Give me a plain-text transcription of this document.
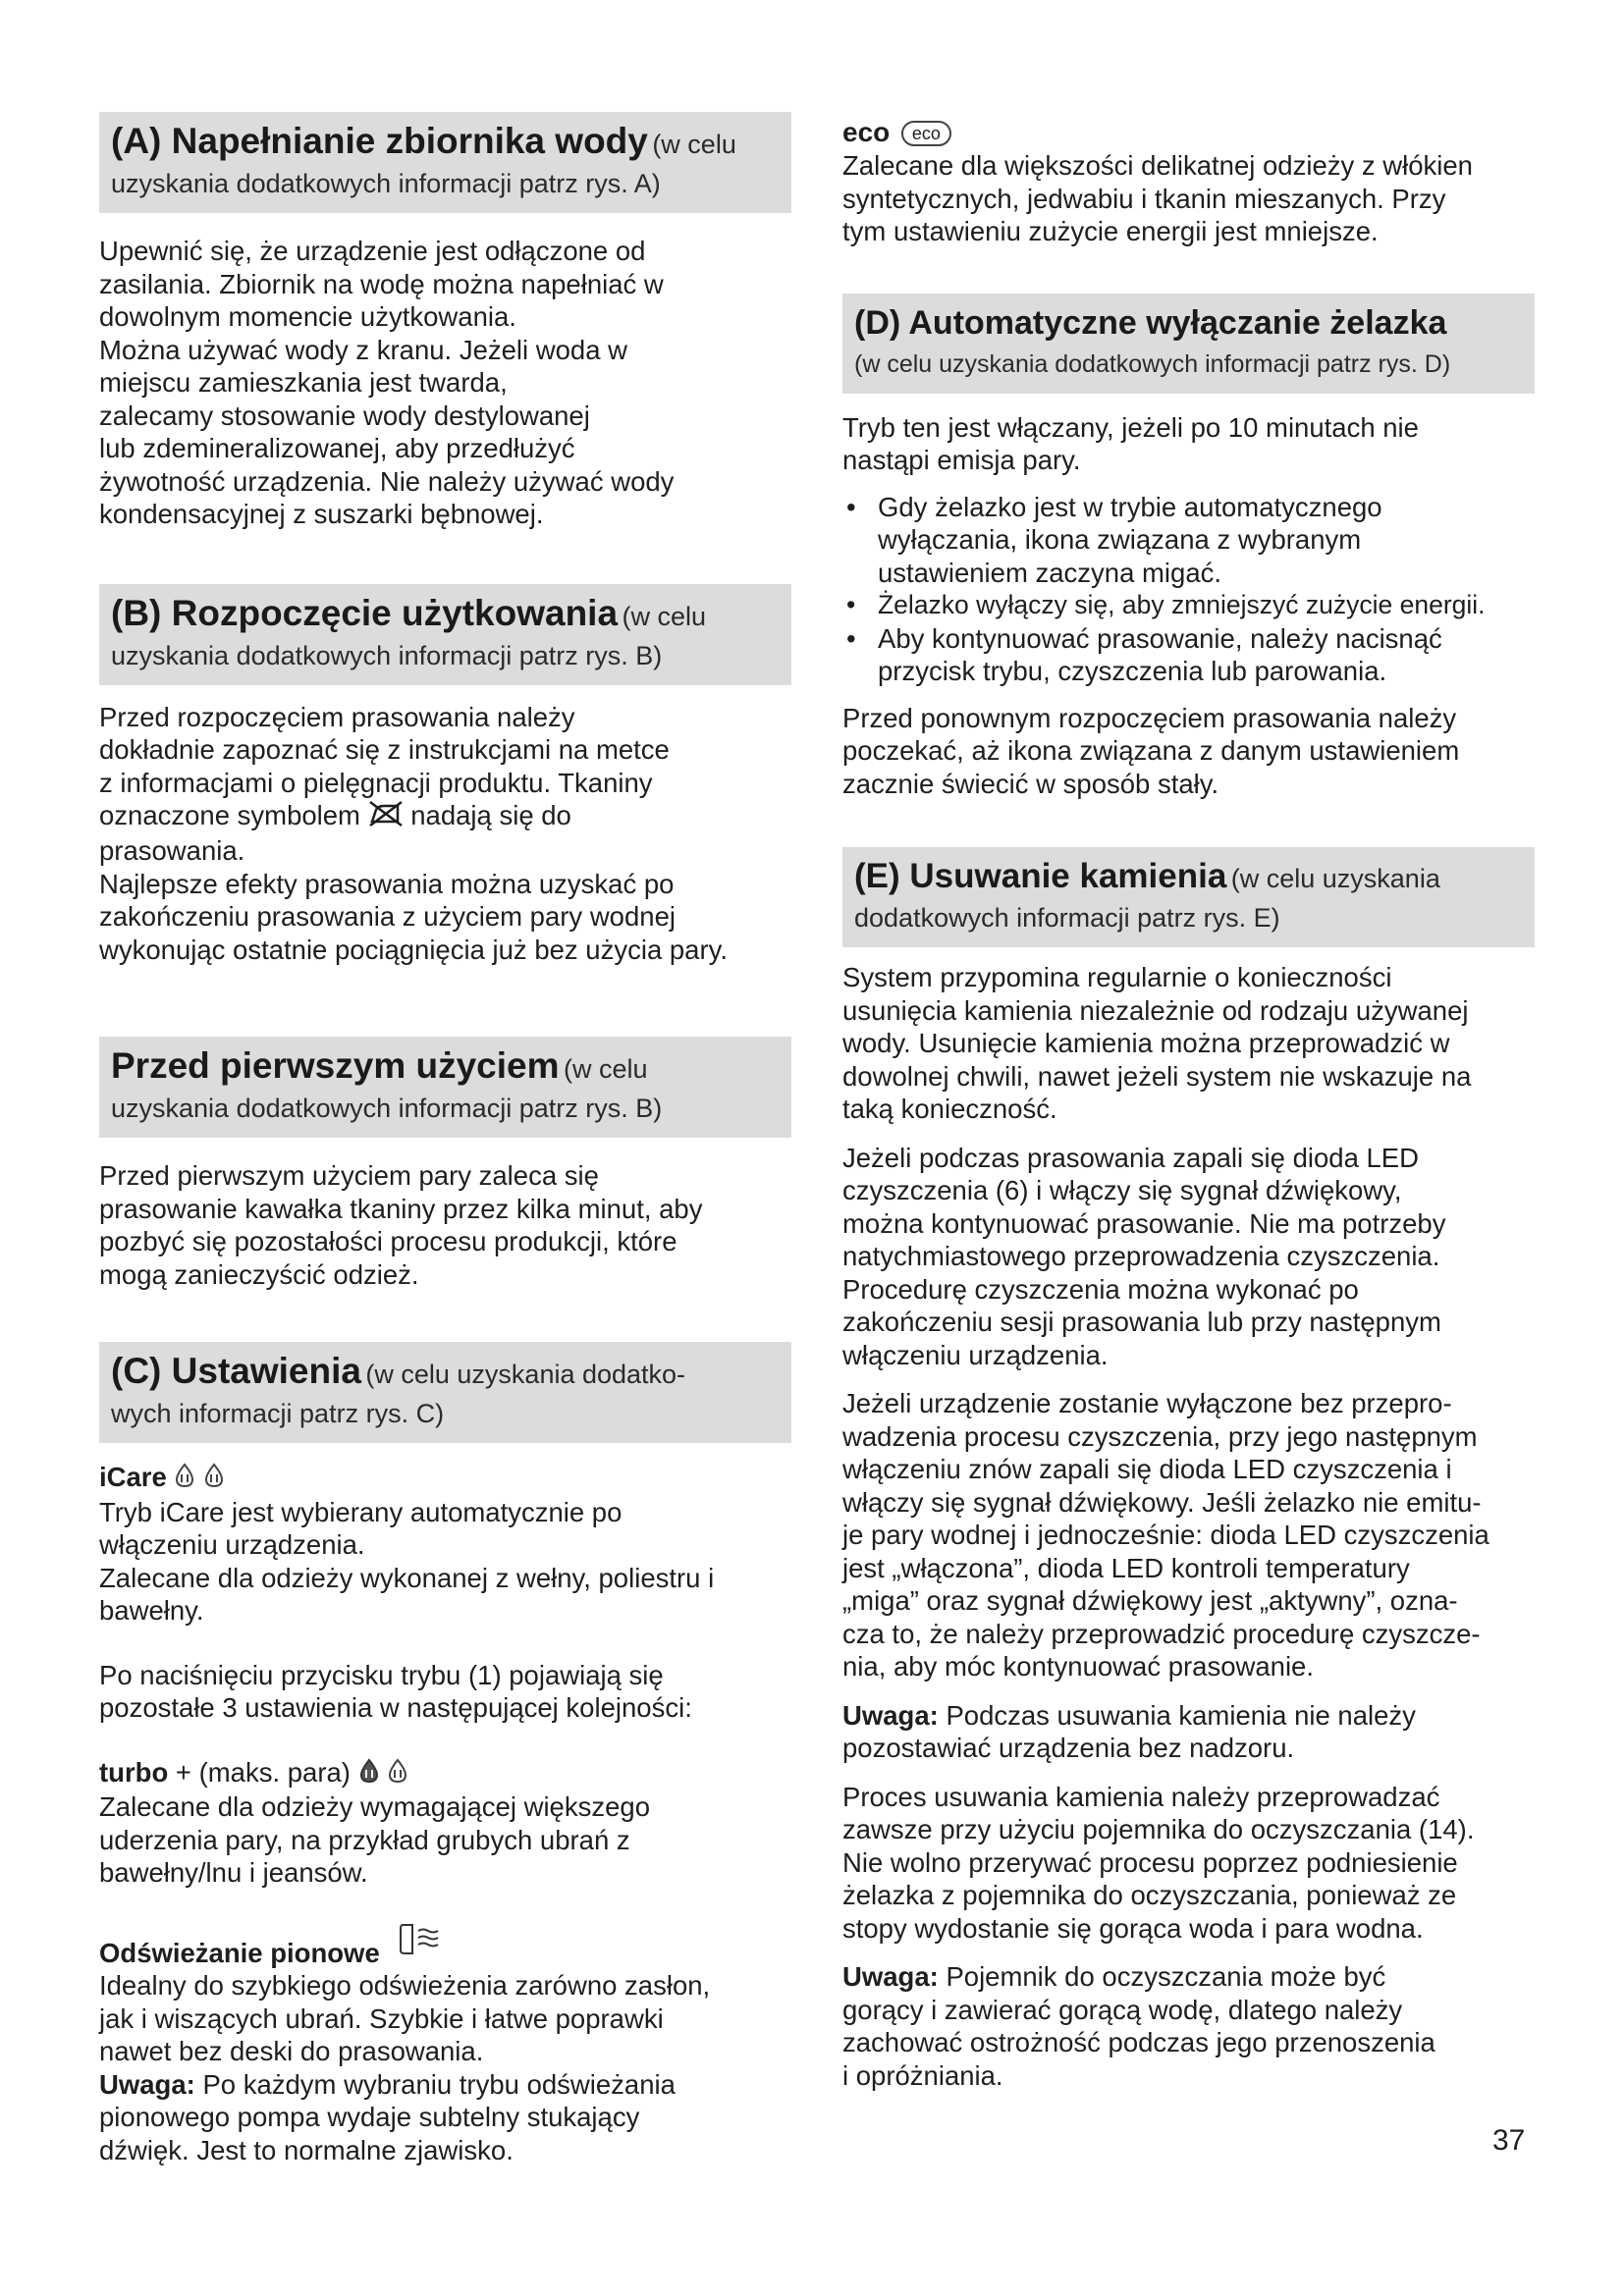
(A) Napełnianie zbiornika wody (w celu
uzyskania dodatkowych informacji patrz rys. A)

Upewnić się, że urządzenie jest odłączone od

zasilania. Zbiornik na wodę można napełniać w

dowolnym momencie użytkowania.

Można używać wody z kranu. Jeżeli woda w

miejscu zamieszkania jest twarda,

zalecamy stosowanie wody destylowanej

lub zdemineralizowanej, aby przedłużyć

żywotność urządzenia. Nie należy używać wody

kondensacyjnej z suszarki bębnowej.

(B) Rozpoczęcie użytkowania (w celu
uzyskania dodatkowych informacji patrz rys. B)

Przed rozpoczęciem prasowania należy

dokładnie zapoznać się z instrukcjami na metce

z informacjami o pielęgnacji produktu. Tkaniny

oznaczone symbolem nadają się do

prasowania.

Najlepsze efekty prasowania można uzyskać po

zakończeniu prasowania z użyciem pary wodnej

wykonując ostatnie pociągnięcia już bez użycia pary.

Przed pierwszym użyciem (w celu
uzyskania dodatkowych informacji patrz rys. B)

Przed pierwszym użyciem pary zaleca się

prasowanie kawałka tkaniny przez kilka minut, aby

pozbyć się pozostałości procesu produkcji, które

mogą zanieczyścić odzież.

(C) Ustawienia (w celu uzyskania dodatko-
wych informacji patrz rys. C)

iCare

Tryb iCare jest wybierany automatycznie po

włączeniu urządzenia.

Zalecane dla odzieży wykonanej z wełny, poliestru i

bawełny.

Po naciśnięciu przycisku trybu (1) pojawiają się

pozostałe 3 ustawienia w następującej kolejności:

turbo + (maks. para)

Zalecane dla odzieży wymagającej większego

uderzenia pary, na przykład grubych ubrań z

bawełny/lnu i jeansów.

Odświeżanie pionowe

Idealny do szybkiego odświeżenia zarówno zasłon,

jak i wiszących ubrań. Szybkie i łatwe poprawki

nawet bez deski do prasowania.

Uwaga: Po każdym wybraniu trybu odświeżania

pionowego pompa wydaje subtelny stukający

dźwięk. Jest to normalne zjawisko.

eco eco

Zalecane dla większości delikatnej odzieży z włókien

syntetycznych, jedwabiu i tkanin mieszanych. Przy

tym ustawieniu zużycie energii jest mniejsze.

(D) Automatyczne wyłączanie żelazka
(w celu uzyskania dodatkowych informacji patrz rys. D)

Tryb ten jest włączany, jeżeli po 10 minutach nie

nastąpi emisja pary.

• Gdy żelazko jest w trybie automatycznego
wyłączania, ikona związana z wybranym
ustawieniem zaczyna migać.
• Żelazko wyłączy się, aby zmniejszyć zużycie energii.
• Aby kontynuować prasowanie, należy nacisnąć
przycisk trybu, czyszczenia lub parowania.

Przed ponownym rozpoczęciem prasowania należy

poczekać, aż ikona związana z danym ustawieniem

zacznie świecić w sposób stały.

(E) Usuwanie kamienia (w celu uzyskania
dodatkowych informacji patrz rys. E)

System przypomina regularnie o konieczności

usunięcia kamienia niezależnie od rodzaju używanej

wody. Usunięcie kamienia można przeprowadzić w

dowolnej chwili, nawet jeżeli system nie wskazuje na

taką konieczność.

Jeżeli podczas prasowania zapali się dioda LED

czyszczenia (6) i włączy się sygnał dźwiękowy,

można kontynuować prasowanie. Nie ma potrzeby

natychmiastowego przeprowadzenia czyszczenia.

Procedurę czyszczenia można wykonać po

zakończeniu sesji prasowania lub przy następnym

włączeniu urządzenia.

Jeżeli urządzenie zostanie wyłączone bez przepro-

wadzenia procesu czyszczenia, przy jego następnym

włączeniu znów zapali się dioda LED czyszczenia i

włączy się sygnał dźwiękowy. Jeśli żelazko nie emitu-

je pary wodnej i jednocześnie: dioda LED czyszczenia

jest „włączona”, dioda LED kontroli temperatury

„miga” oraz sygnał dźwiękowy jest „aktywny”, ozna-

cza to, że należy przeprowadzić procedurę czyszcze-

nia, aby móc kontynuować prasowanie.

Uwaga: Podczas usuwania kamienia nie należy

pozostawiać urządzenia bez nadzoru.

Proces usuwania kamienia należy przeprowadzać

zawsze przy użyciu pojemnika do oczyszczania (14).

Nie wolno przerywać procesu poprzez podniesienie

żelazka z pojemnika do oczyszczania, ponieważ ze

stopy wydostanie się gorąca woda i para wodna.

Uwaga: Pojemnik do oczyszczania może być

gorący i zawierać gorącą wodę, dlatego należy

zachować ostrożność podczas jego przenoszenia

i opróżniania.

37
